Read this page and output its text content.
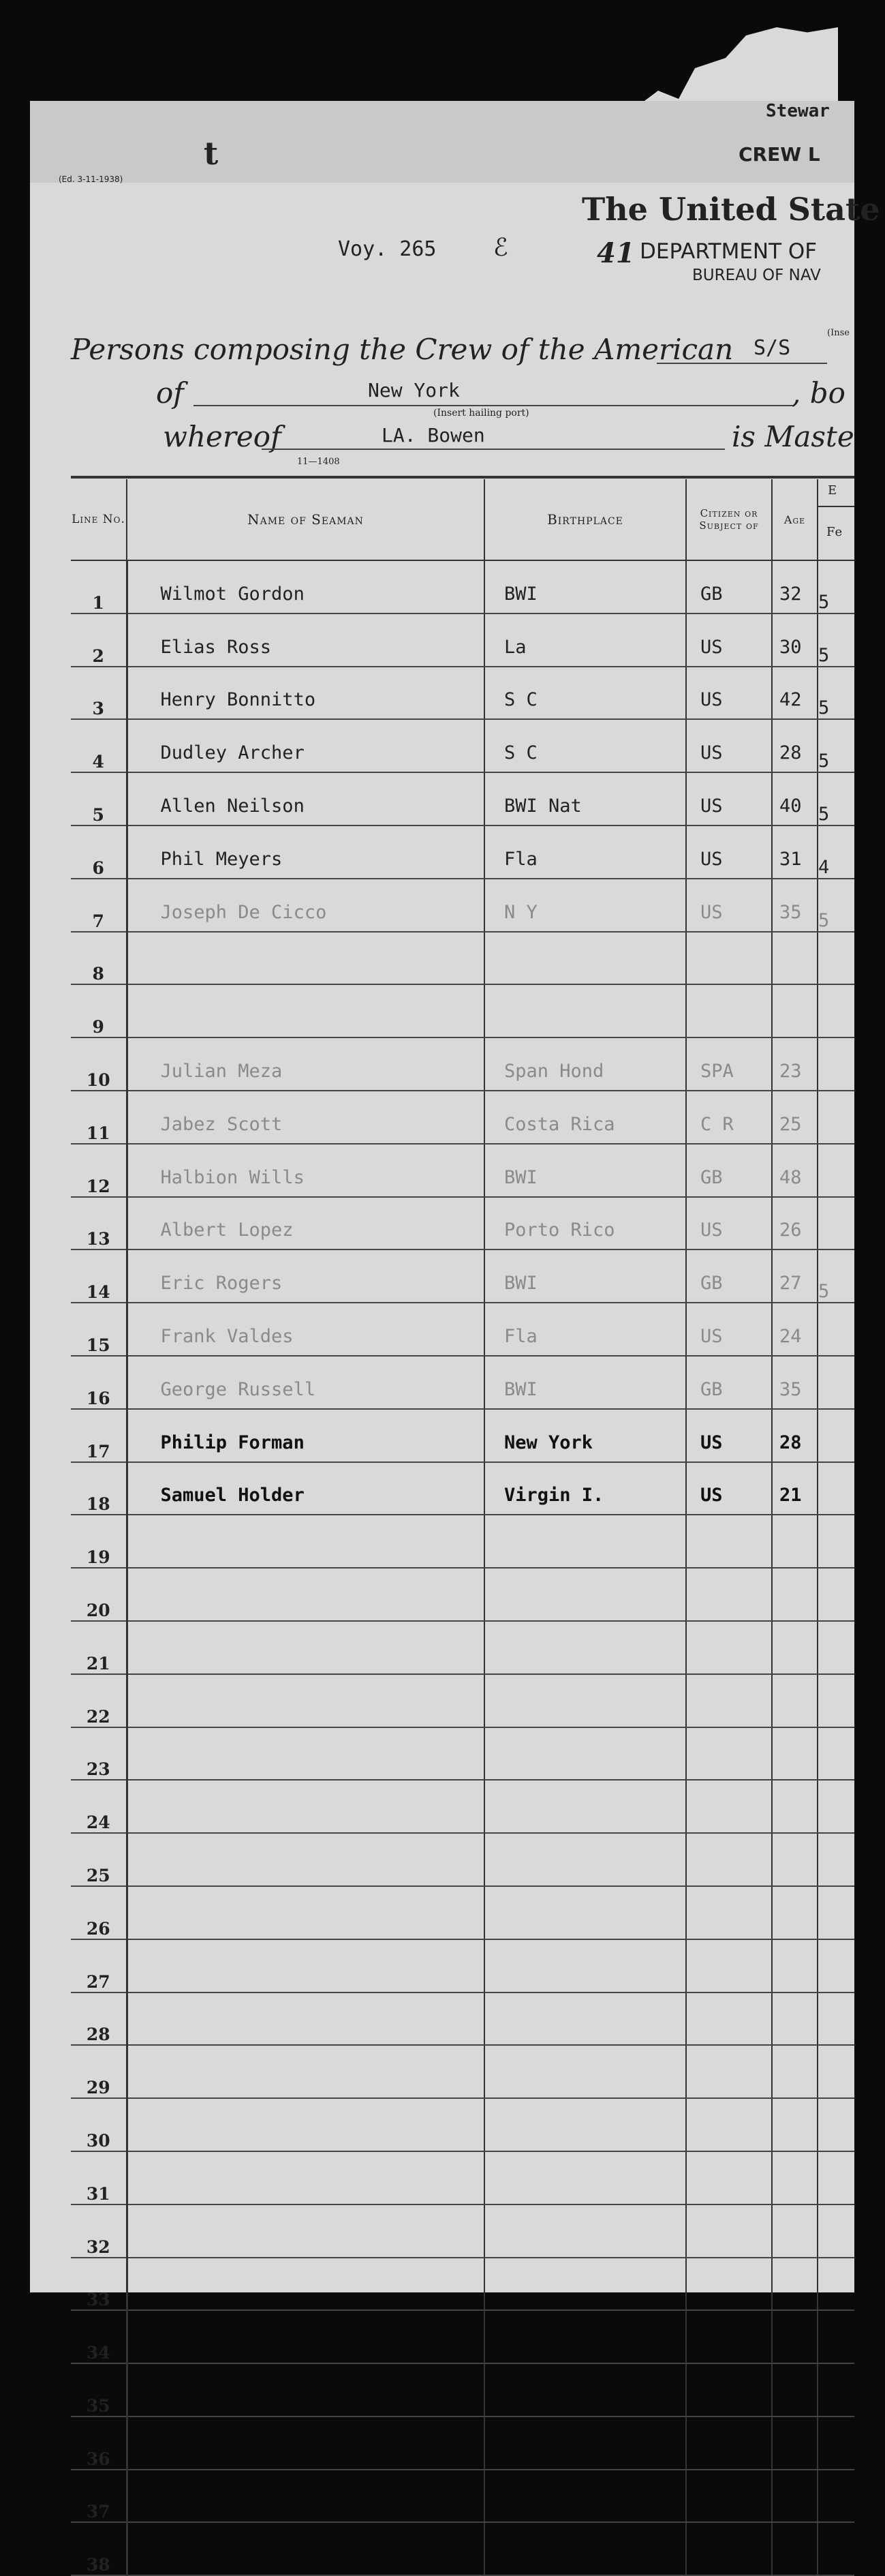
Stewar
CREW L
(Ed. 3-11-1938)
t
The United State
41 DEPARTMENT OF
BUREAU OF NAV
Voy. 265 ℰ
Persons composing the Crew of the American S/S
(Inse
of	New York
(Insert hailing port)
, bo
whereof	LA. Bowen
11—1408
is Maste
Line No.	Name of Seaman	Birthplace	Citizen or Subject of	Age	E
Fe

1	Wilmot Gordon	BWI	GB	32	5
2	Elias Ross	La	US	30	5
3	Henry Bonnitto	S C	US	42	5
4	Dudley Archer	S C	US	28	5
5	Allen Neilson	BWI Nat	US	40	5
6	Phil Meyers	Fla	US	31	4
7	Joseph De Cicco	N Y	US	35	5
8					
9					
10	Julian Meza	Span Hond	SPA	23	
11	Jabez Scott	Costa Rica	C R	25	
12	Halbion Wills	BWI	GB	48	
13	Albert Lopez	Porto Rico	US	26	
14	Eric Rogers	BWI	GB	27	5
15	Frank Valdes	Fla	US	24	
16	George Russell	BWI	GB	35	
17	Philip Forman	New York	US	28	
18	Samuel Holder	Virgin I.	US	21	
19					
20					
21					
22					
23					
24					
25					
26					
27					
28					
29					
30					
31					
32					
33					
34					
35					
36					
37					
38					
